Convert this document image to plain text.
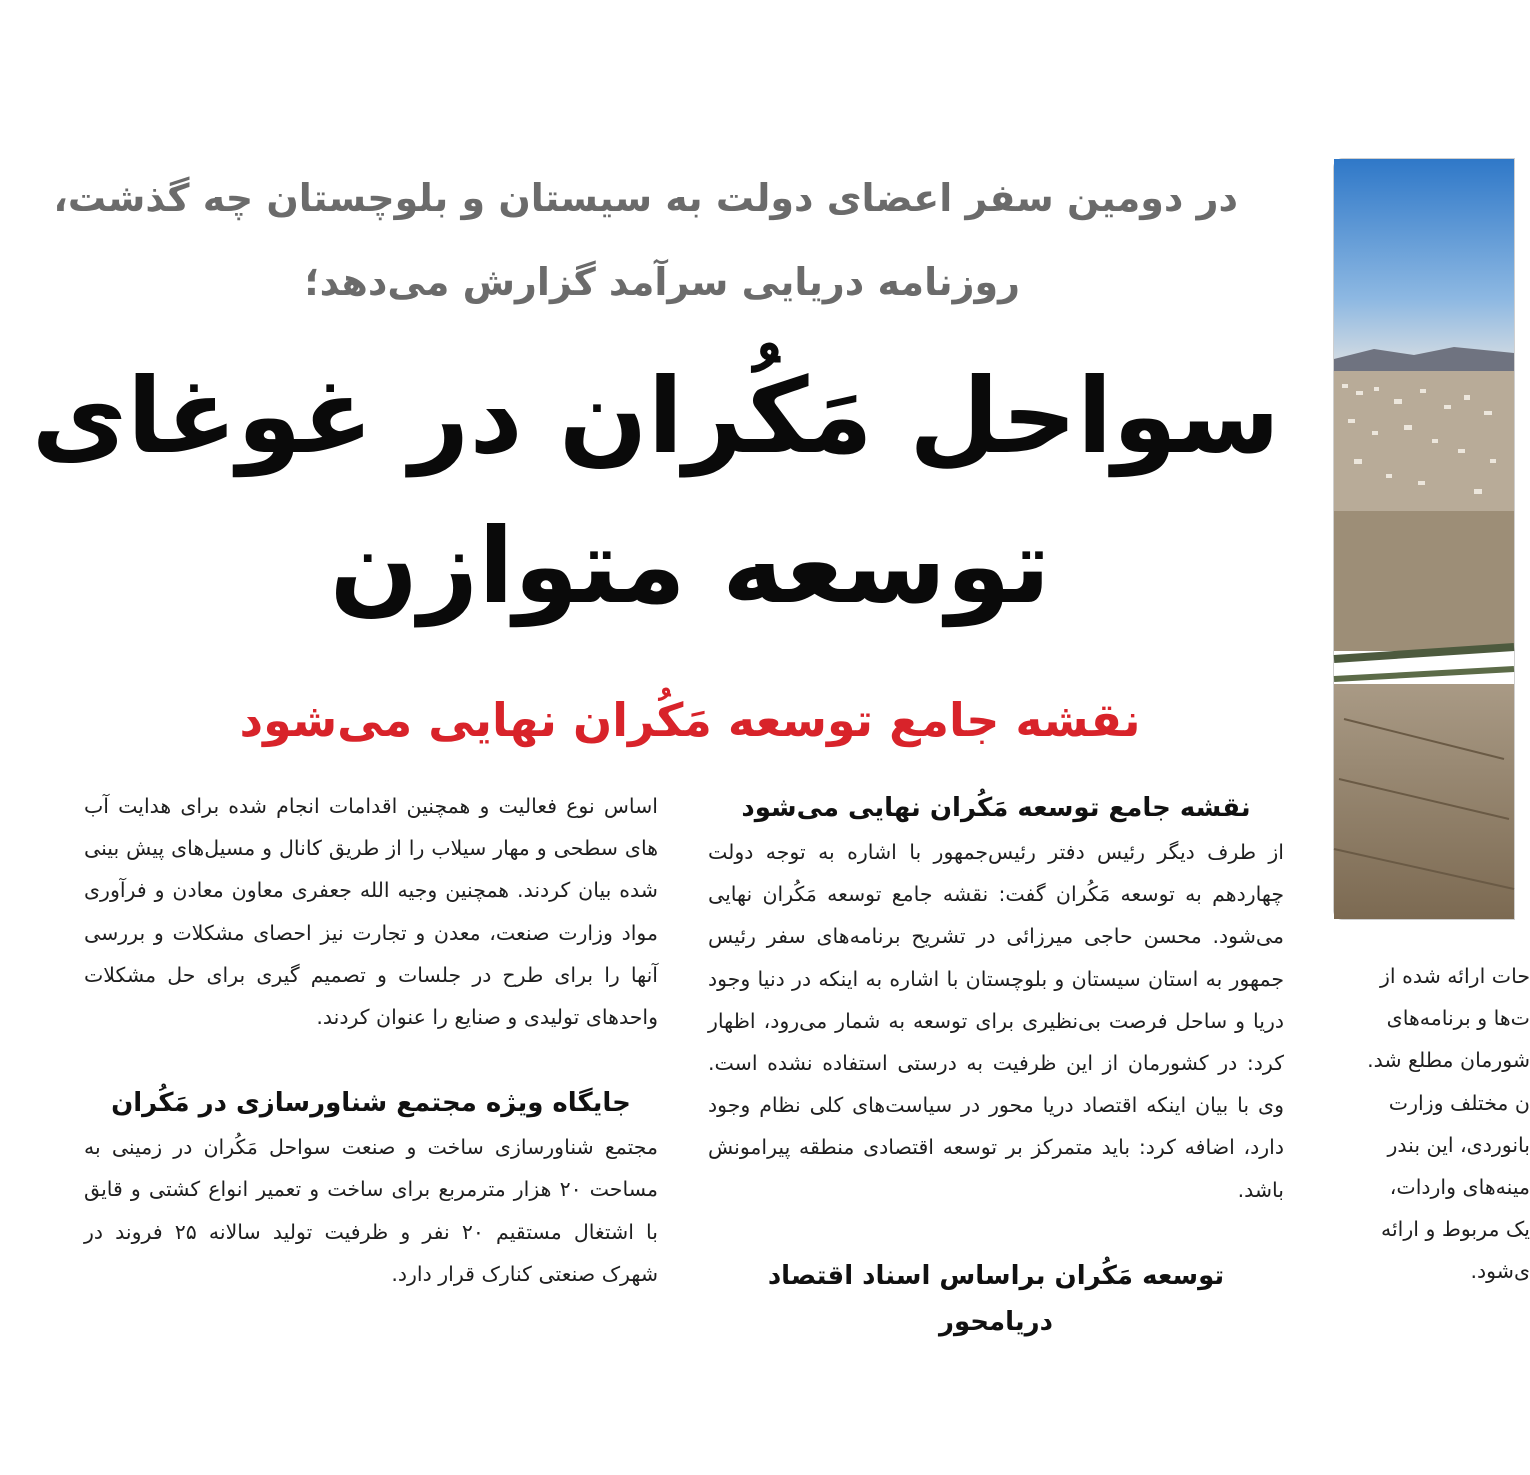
در دومین سفر اعضای دولت به سیستان و بلوچستان چه گذشت،
روزنامه دریایی سرآمد گزارش می‌دهد؛
سواحل مَکُران در غوغای
توسعه متوازن
نقشه جامع توسعه مَکُران نهایی می‌شود

نقشه جامع توسعه مَکُران نهایی می‌شود

از طرف دیگر رئیس دفتر رئیس‌جمهور با اشاره به توجه دولت چهاردهم به توسعه مَکُران گفت: نقشه جامع توسعه مَکُران نهایی می‌شود. محسن حاجی میرزائی در تشریح برنامه‌های سفر رئیس جمهور به استان سیستان و بلوچستان با اشاره به اینکه در دنیا وجود دریا و ساحل فرصت بی‌نظیری برای توسعه به شمار می‌رود، اظهار کرد: در کشورمان از این ظرفیت به درستی استفاده نشده است. وی با بیان اینکه اقتصاد دریا محور در سیاست‌های کلی نظام وجود دارد، اضافه کرد: باید متمرکز بر توسعه اقتصادی منطقه پیرامونش باشد.

توسعه مَکُران براساس اسناد اقتصاد دریامحور

اساس نوع فعالیت و همچنین اقدامات انجام شده برای هدایت آب های سطحی و مهار سیلاب را از طریق کانال و مسیل‌های پیش بینی شده بیان کردند. همچنین وجیه الله جعفری معاون معادن و فرآوری مواد وزارت صنعت، معدن و تجارت نیز احصای مشکلات و بررسی آنها را برای طرح در جلسات و تصمیم گیری برای حل مشکلات واحدهای تولیدی و صنایع را عنوان کردند.

جایگاه ویژه مجتمع شناورسازی در مَکُران

مجتمع شناورسازی ساخت و صنعت سواحل مَکُران در زمینی به مساحت ۲۰ هزار مترمربع برای ساخت و تعمیر انواع کشتی و قایق با اشتغال مستقیم ۲۰ نفر و ظرفیت تولید سالانه ۲۵ فروند در شهرک صنعتی کنارک قرار دارد.

حات ارائه شده از

ت‌ها و برنامه‌های

شورمان مطلع شد.

ن مختلف وزارت

بانوردی، این بندر

مینه‌های واردات،

یک مربوط و ارائه

ی‌شود.
